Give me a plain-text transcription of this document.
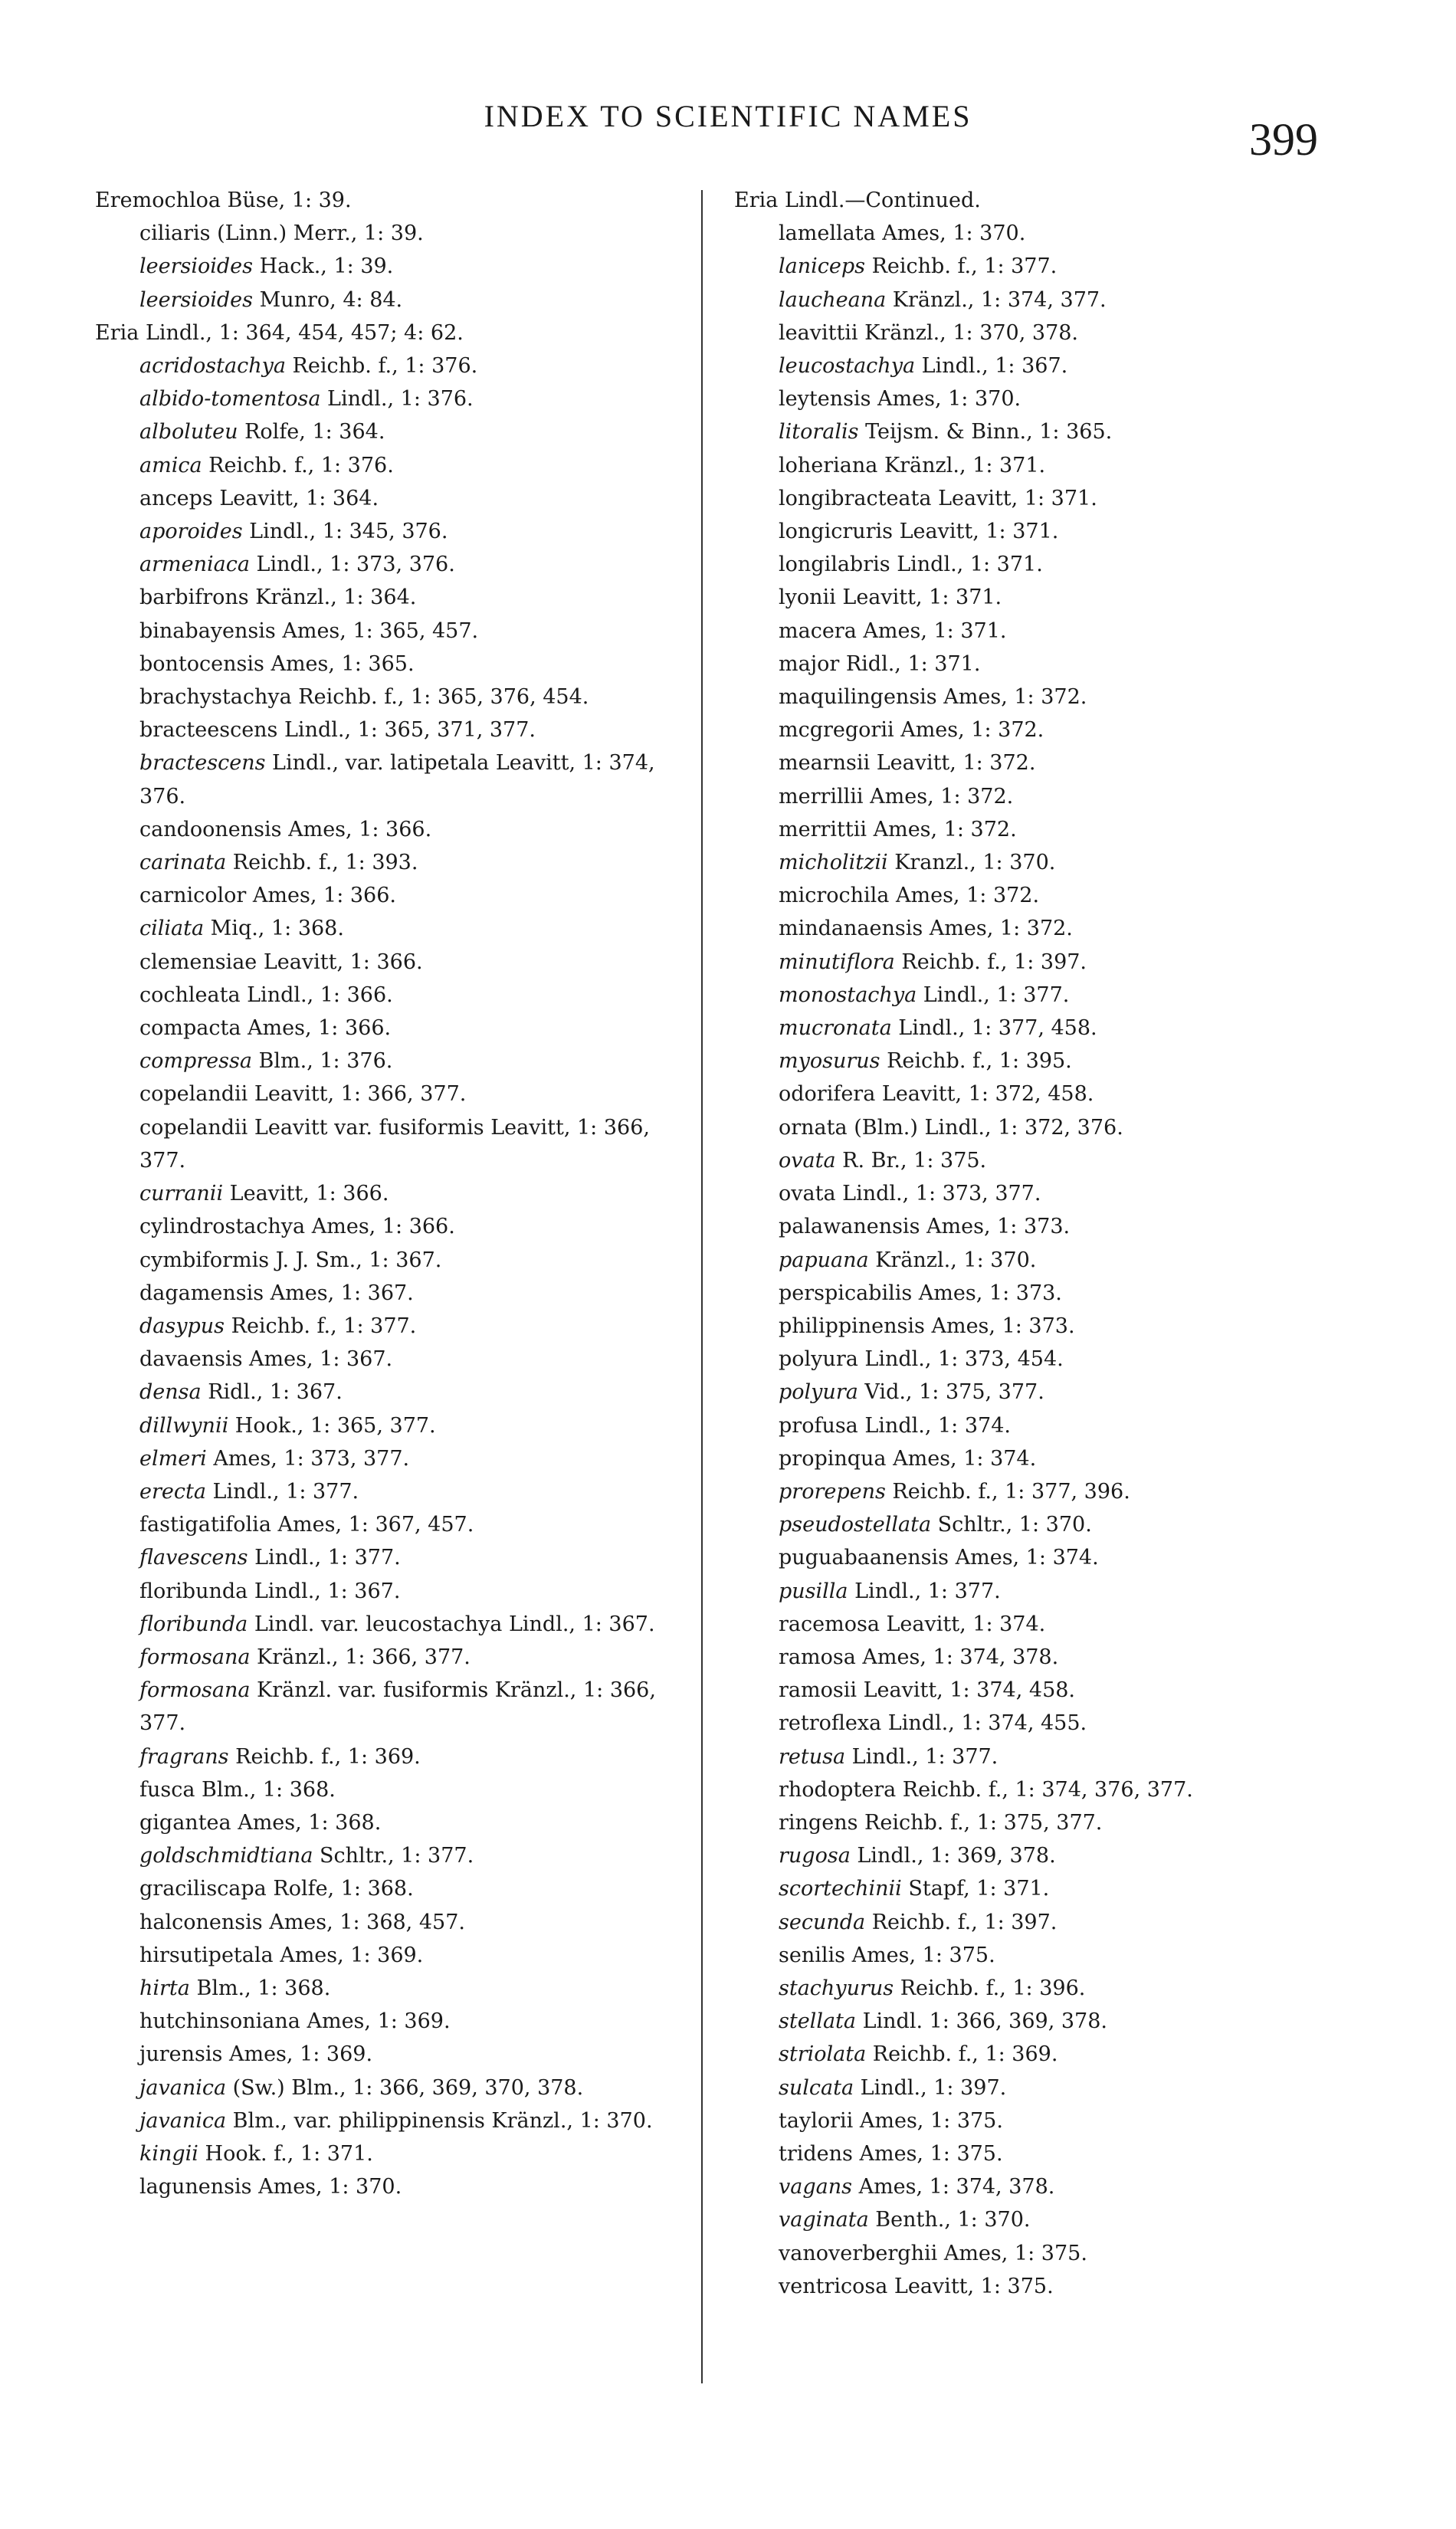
INDEX TO SCIENTIFIC NAMES	399
Eremochloa Büse, 1: 39.
ciliaris (Linn.) Merr., 1: 39.
leersioides Hack., 1: 39.
leersioides Munro, 4: 84.
Eria Lindl., 1: 364, 454, 457; 4: 62.
acridostachya Reichb. f., 1: 376.
albido-tomentosa Lindl., 1: 376.
alboluteu Rolfe, 1: 364.
amica Reichb. f., 1: 376.
anceps Leavitt, 1: 364.
aporoides Lindl., 1: 345, 376.
armeniaca Lindl., 1: 373, 376.
barbifrons Kränzl., 1: 364.
binabayensis Ames, 1: 365, 457.
bontocensis Ames, 1: 365.
brachystachya Reichb. f., 1: 365, 376, 454.
bracteescens Lindl., 1: 365, 371, 377.
bractescens Lindl., var. latipetala Leavitt, 1: 374, 376.
candoonensis Ames, 1: 366.
carinata Reichb. f., 1: 393.
carnicolor Ames, 1: 366.
ciliata Miq., 1: 368.
clemensiae Leavitt, 1: 366.
cochleata Lindl., 1: 366.
compacta Ames, 1: 366.
compressa Blm., 1: 376.
copelandii Leavitt, 1: 366, 377.
copelandii Leavitt var. fusiformis Leavitt, 1: 366, 377.
curranii Leavitt, 1: 366.
cylindrostachya Ames, 1: 366.
cymbiformis J. J. Sm., 1: 367.
dagamensis Ames, 1: 367.
dasypus Reichb. f., 1: 377.
davaensis Ames, 1: 367.
densa Ridl., 1: 367.
dillwynii Hook., 1: 365, 377.
elmeri Ames, 1: 373, 377.
erecta Lindl., 1: 377.
fastigatifolia Ames, 1: 367, 457.
flavescens Lindl., 1: 377.
floribunda Lindl., 1: 367.
floribunda Lindl. var. leucostachya Lindl., 1: 367.
formosana Kränzl., 1: 366, 377.
formosana Kränzl. var. fusiformis Kränzl., 1: 366, 377.
fragrans Reichb. f., 1: 369.
fusca Blm., 1: 368.
gigantea Ames, 1: 368.
goldschmidtiana Schltr., 1: 377.
graciliscapa Rolfe, 1: 368.
halconensis Ames, 1: 368, 457.
hirsutipetala Ames, 1: 369.
hirta Blm., 1: 368.
hutchinsoniana Ames, 1: 369.
jurensis Ames, 1: 369.
javanica (Sw.) Blm., 1: 366, 369, 370, 378.
javanica Blm., var. philippinensis Kränzl., 1: 370.
kingii Hook. f., 1: 371.
lagunensis Ames, 1: 370.
Eria Lindl.—Continued.
lamellata Ames, 1: 370.
laniceps Reichb. f., 1: 377.
laucheana Kränzl., 1: 374, 377.
leavittii Kränzl., 1: 370, 378.
leucostachya Lindl., 1: 367.
leytensis Ames, 1: 370.
litoralis Teijsm. & Binn., 1: 365.
loheriana Kränzl., 1: 371.
longibracteata Leavitt, 1: 371.
longicruris Leavitt, 1: 371.
longilabris Lindl., 1: 371.
lyonii Leavitt, 1: 371.
macera Ames, 1: 371.
major Ridl., 1: 371.
maquilingensis Ames, 1: 372.
mcgregorii Ames, 1: 372.
mearnsii Leavitt, 1: 372.
merrillii Ames, 1: 372.
merrittii Ames, 1: 372.
micholitzii Kranzl., 1: 370.
microchila Ames, 1: 372.
mindanaensis Ames, 1: 372.
minutiflora Reichb. f., 1: 397.
monostachya Lindl., 1: 377.
mucronata Lindl., 1: 377, 458.
myosurus Reichb. f., 1: 395.
odorifera Leavitt, 1: 372, 458.
ornata (Blm.) Lindl., 1: 372, 376.
ovata R. Br., 1: 375.
ovata Lindl., 1: 373, 377.
palawanensis Ames, 1: 373.
papuana Kränzl., 1: 370.
perspicabilis Ames, 1: 373.
philippinensis Ames, 1: 373.
polyura Lindl., 1: 373, 454.
polyura Vid., 1: 375, 377.
profusa Lindl., 1: 374.
propinqua Ames, 1: 374.
prorepens Reichb. f., 1: 377, 396.
pseudostellata Schltr., 1: 370.
puguabaanensis Ames, 1: 374.
pusilla Lindl., 1: 377.
racemosa Leavitt, 1: 374.
ramosa Ames, 1: 374, 378.
ramosii Leavitt, 1: 374, 458.
retroflexa Lindl., 1: 374, 455.
retusa Lindl., 1: 377.
rhodoptera Reichb. f., 1: 374, 376, 377.
ringens Reichb. f., 1: 375, 377.
rugosa Lindl., 1: 369, 378.
scortechinii Stapf, 1: 371.
secunda Reichb. f., 1: 397.
senilis Ames, 1: 375.
stachyurus Reichb. f., 1: 396.
stellata Lindl. 1: 366, 369, 378.
striolata Reichb. f., 1: 369.
sulcata Lindl., 1: 397.
taylorii Ames, 1: 375.
tridens Ames, 1: 375.
vagans Ames, 1: 374, 378.
vaginata Benth., 1: 370.
vanoverberghii Ames, 1: 375.
ventricosa Leavitt, 1: 375.
